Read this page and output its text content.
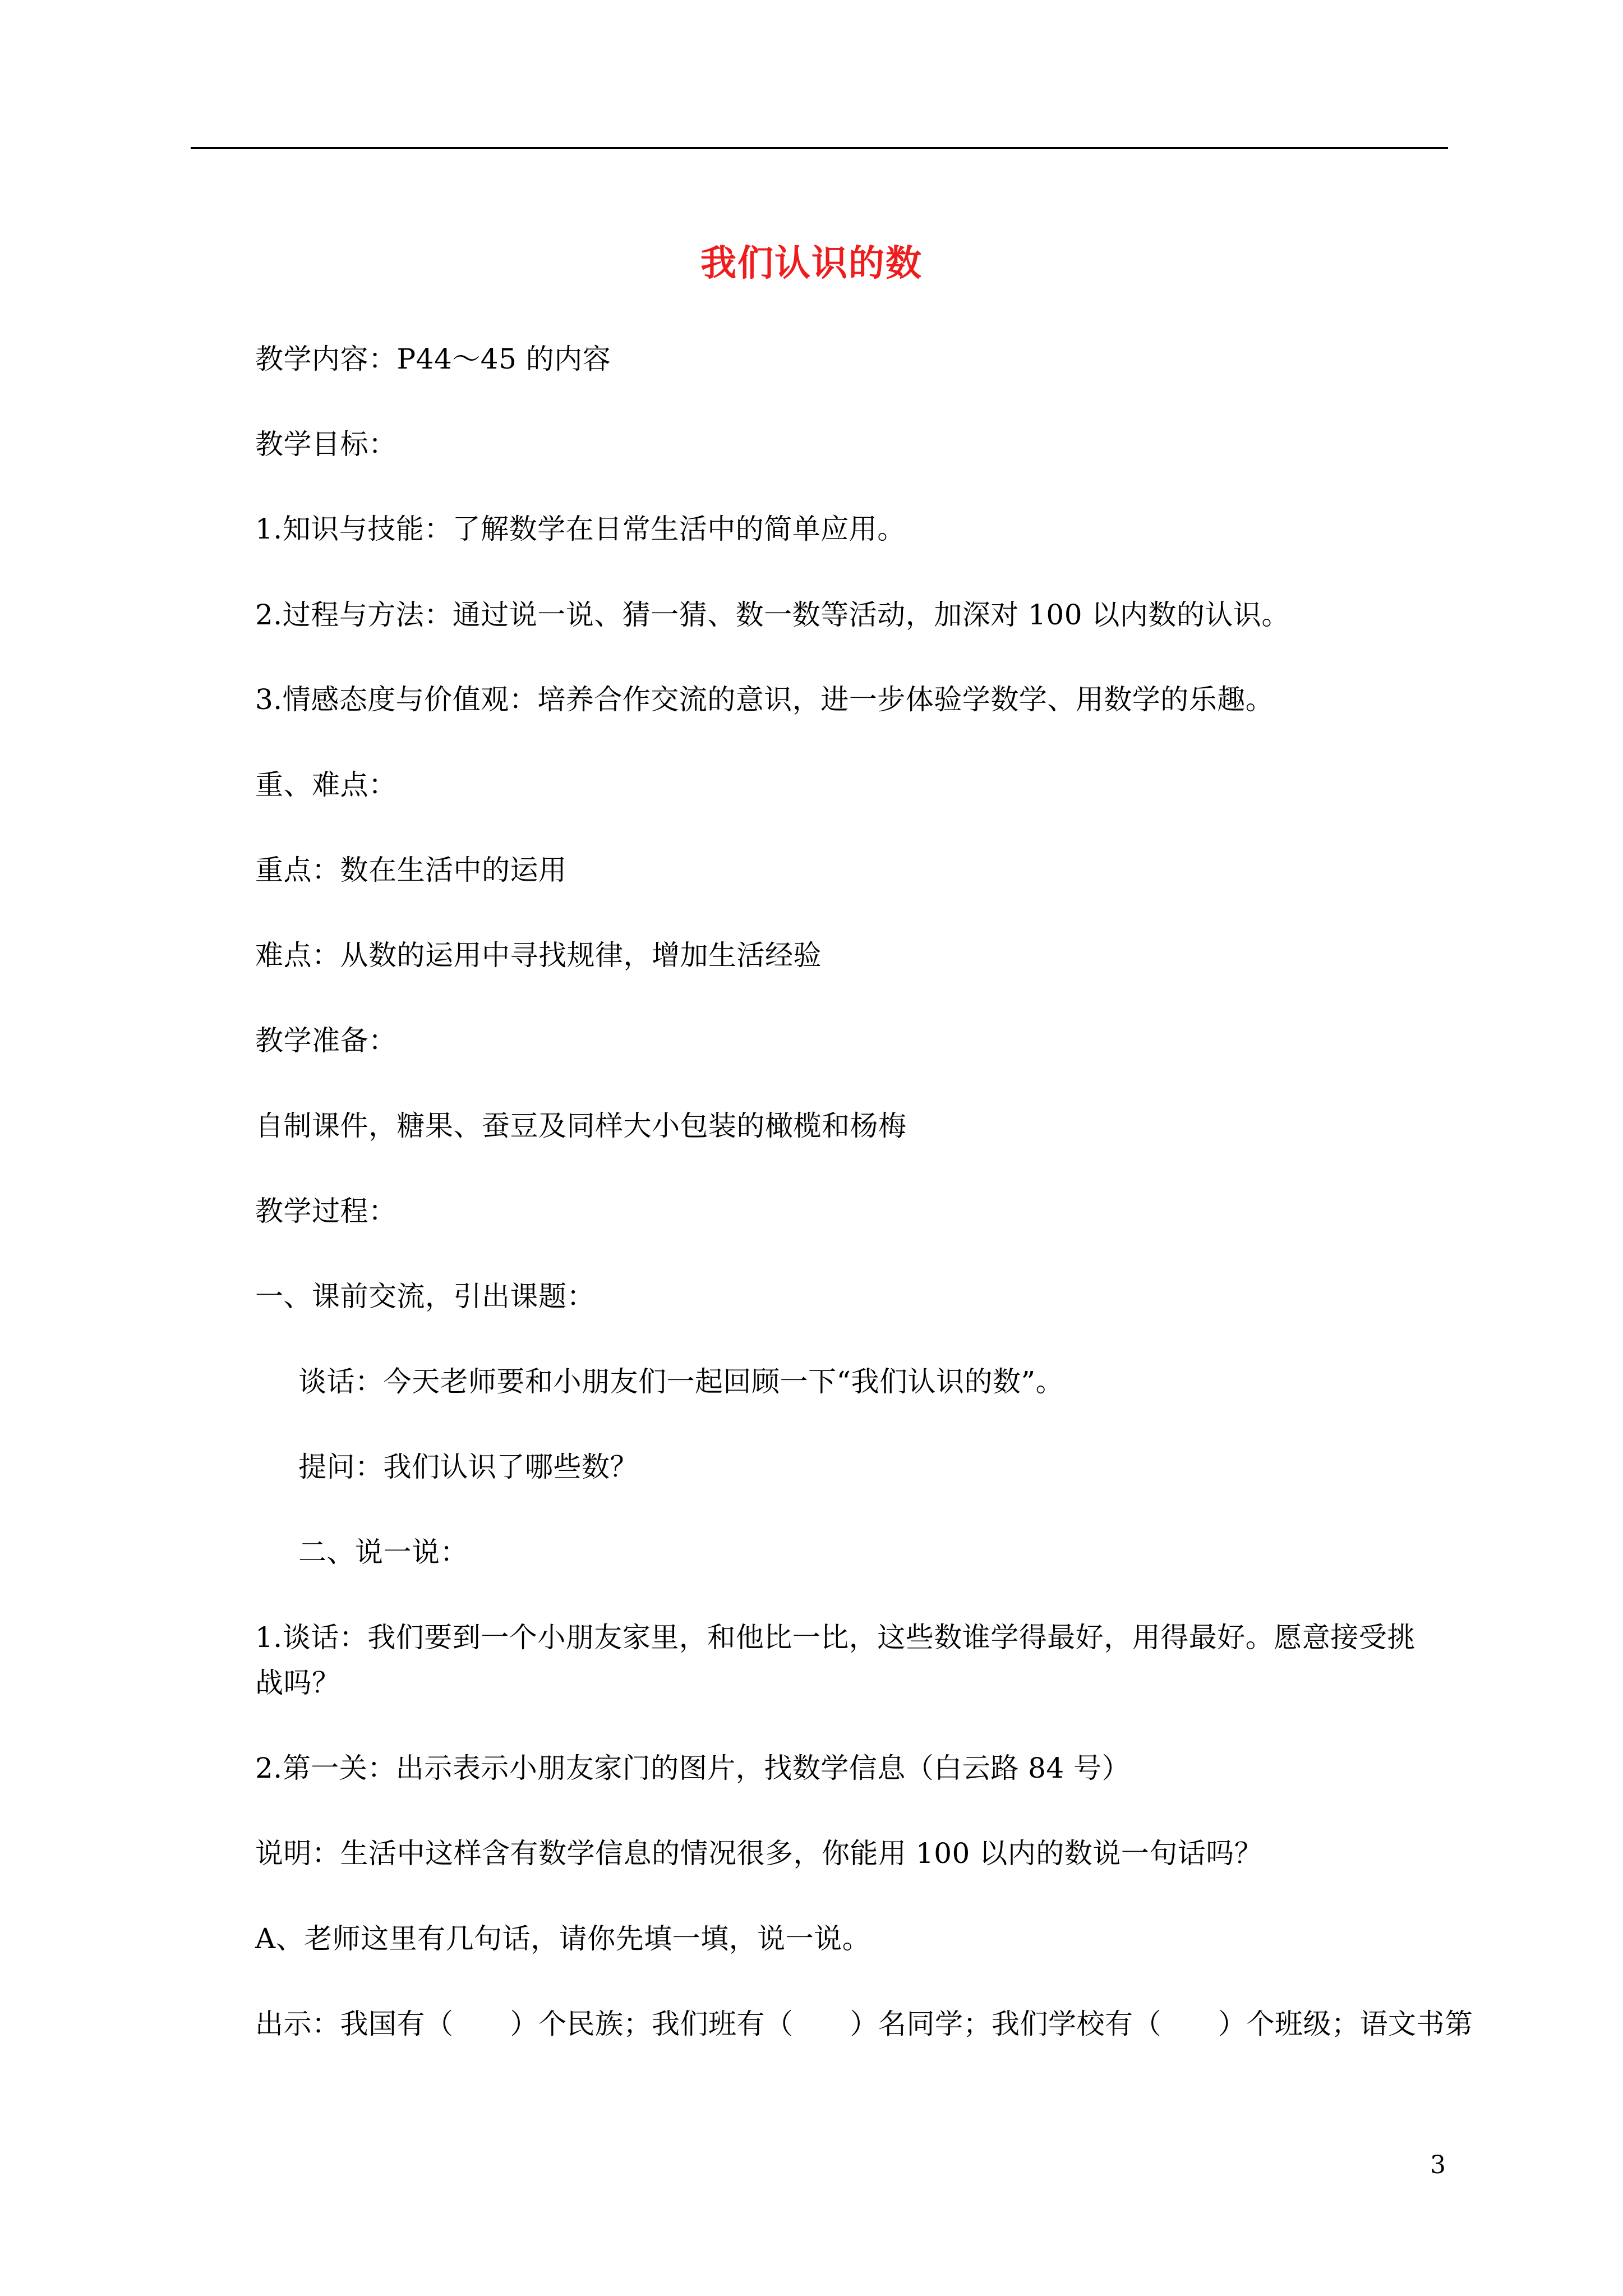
我们认识的数
教学内容：P44～45 的内容
教学目标：
1.知识与技能：了解数学在日常生活中的简单应用。
2.过程与方法：通过说一说、猜一猜、数一数等活动，加深对 100 以内数的认识。
3.情感态度与价值观：培养合作交流的意识，进一步体验学数学、用数学的乐趣。
重、难点：
重点：数在生活中的运用
难点：从数的运用中寻找规律，增加生活经验
教学准备：
自制课件，糖果、蚕豆及同样大小包装的橄榄和杨梅
教学过程：
一、课前交流，引出课题：
谈话：今天老师要和小朋友们一起回顾一下“我们认识的数”。
提问：我们认识了哪些数？
二、说一说：
1.谈话：我们要到一个小朋友家里，和他比一比，这些数谁学得最好，用得最好。愿意接受挑
战吗？
2.第一关：出示表示小朋友家门的图片，找数学信息（白云路 84 号）
说明：生活中这样含有数学信息的情况很多，你能用 100 以内的数说一句话吗？
A、老师这里有几句话，请你先填一填，说一说。
出示：我国有（　　）个民族；我们班有（　　）名同学；我们学校有（　　）个班级；语文书第
3
